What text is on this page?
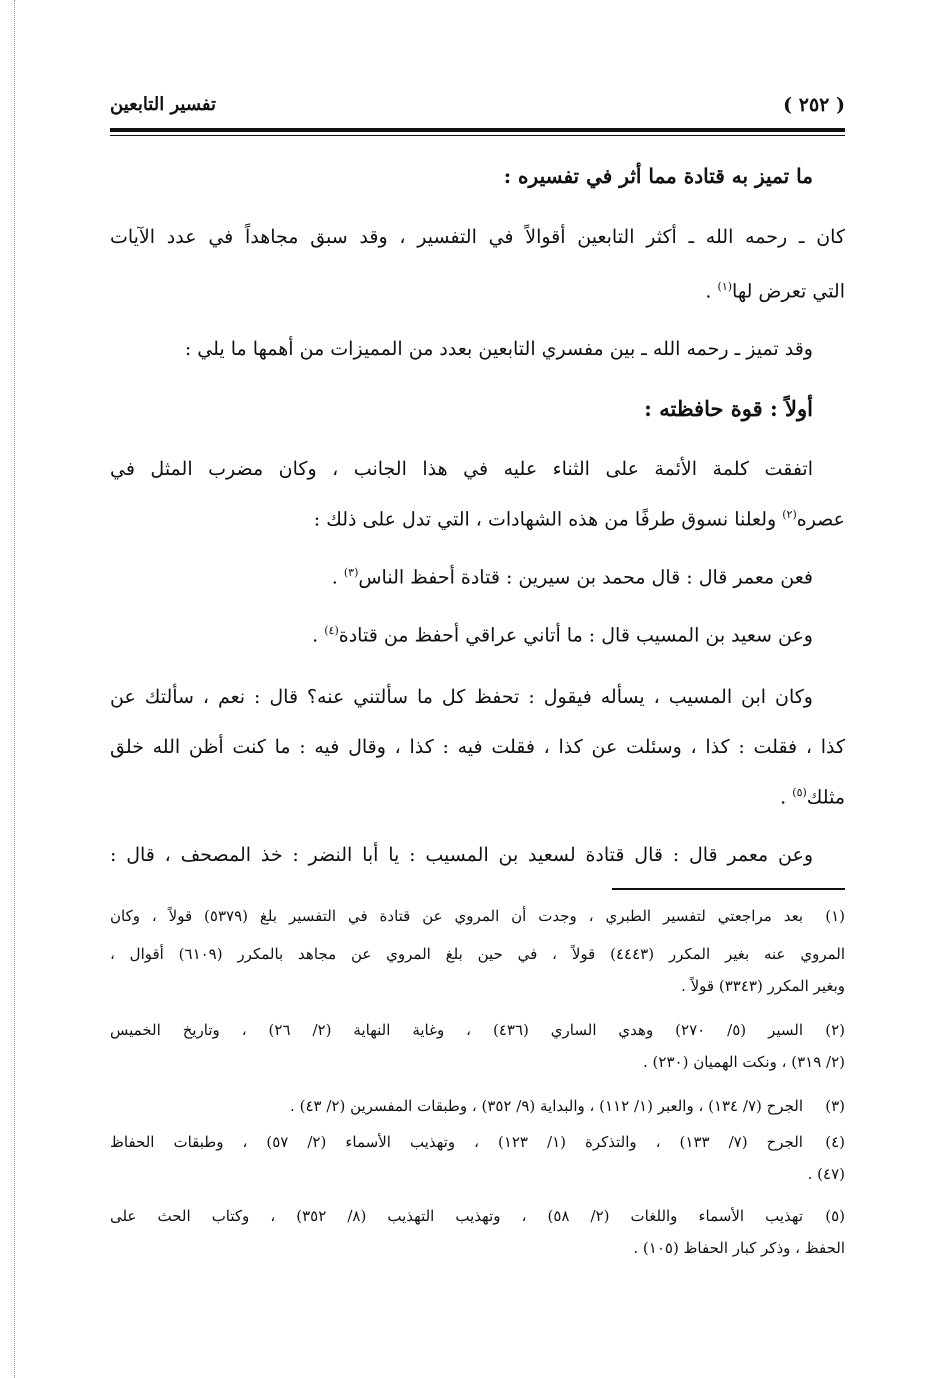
( ٢٥٢ )
تفسير التابعين

ما تميز به قتادة مما أثر في تفسيره :

كان ـ رحمه الله ـ أكثر التابعين أقوالاً في التفسير ، وقد سبق مجاهداً في عدد الآيات

التي تعرض لها$^{(١)}$ .

وقد تميز ـ رحمه الله ـ بين مفسري التابعين بعدد من المميزات من أهمها ما يلي :

أولاً : قوة حافظته :

اتفقت كلمة الأئمة على الثناء عليه في هذا الجانب ، وكان مضرب المثل في

عصره$^{(٢)}$ ولعلنا نسوق طرفًا من هذه الشهادات ، التي تدل على ذلك :

فعن معمر قال : قال محمد بن سيرين : قتادة أحفظ الناس$^{(٣)}$ .

وعن سعيد بن المسيب قال : ما أتاني عراقي أحفظ من قتادة$^{(٤)}$ .

وكان ابن المسيب ، يسأله فيقول : تحفظ كل ما سألتني عنه؟ قال : نعم ، سألتك عن

كذا ، فقلت : كذا ، وسئلت عن كذا ، فقلت فيه : كذا ، وقال فيه : ما كنت أظن الله خلق

مثلك$^{(٥)}$ .

وعن معمر قال : قال قتادة لسعيد بن المسيب : يا أبا النضر : خذ المصحف ، قال :

(١)
بعد مراجعتي لتفسير الطبري ، وجدت أن المروي عن قتادة في التفسير بلغ (٥٣٧٩) قولاً ، وكان

المروي عنه بغير المكرر (٤٤٤٣) قولاً ، في حين بلغ المروي عن مجاهد بالمكرر (٦١٠٩) أقوال ،

وبغير المكرر (٣٣٤٣) قولاً .

(٢)
السير (٥/ ٢٧٠) وهدي الساري (٤٣٦) ، وغاية النهاية (٢/ ٢٦) ، وتاريخ الخميس

(٢/ ٣١٩) ، ونكت الهميان (٢٣٠) .

(٣)
الجرح (٧/ ١٣٤) ، والعبر (١/ ١١٢) ، والبداية (٩/ ٣٥٢) ، وطبقات المفسرين (٢/ ٤٣) .

(٤)
الجرح (٧/ ١٣٣) ، والتذكرة (١/ ١٢٣) ، وتهذيب الأسماء (٢/ ٥٧) ، وطبقات الحفاظ

(٤٧) .

(٥)
تهذيب الأسماء واللغات (٢/ ٥٨) ، وتهذيب التهذيب (٨/ ٣٥٢) ، وكتاب الحث على

الحفظ ، وذكر كبار الحفاظ (١٠٥) .
